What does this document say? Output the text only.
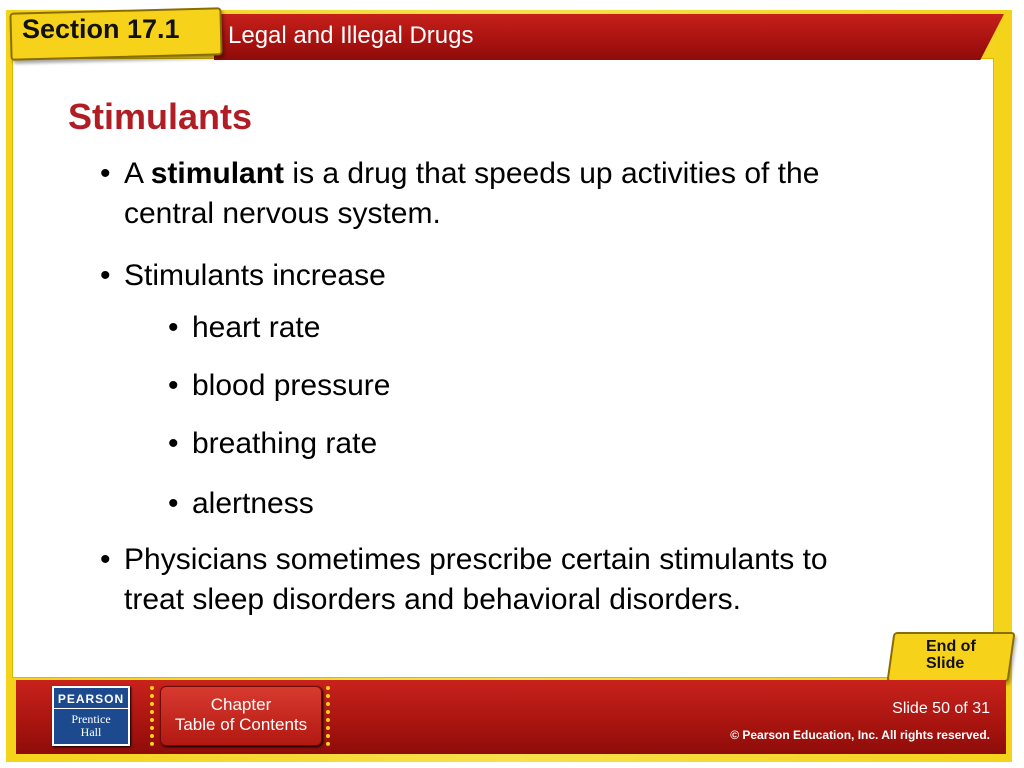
Legal and Illegal Drugs
Section 17.1
Stimulants
• A stimulant is a drug that speeds up activities of the
central nervous system.
• Stimulants increase
• heart rate
• blood pressure
• breathing rate
• alertness
• Physicians sometimes prescribe certain stimulants to
treat sleep disorders and behavioral disorders.
End of
Slide
PEARSON
Prentice
Hall
Chapter
Table of Contents
Slide 50 of 31
© Pearson Education, Inc. All rights reserved.
